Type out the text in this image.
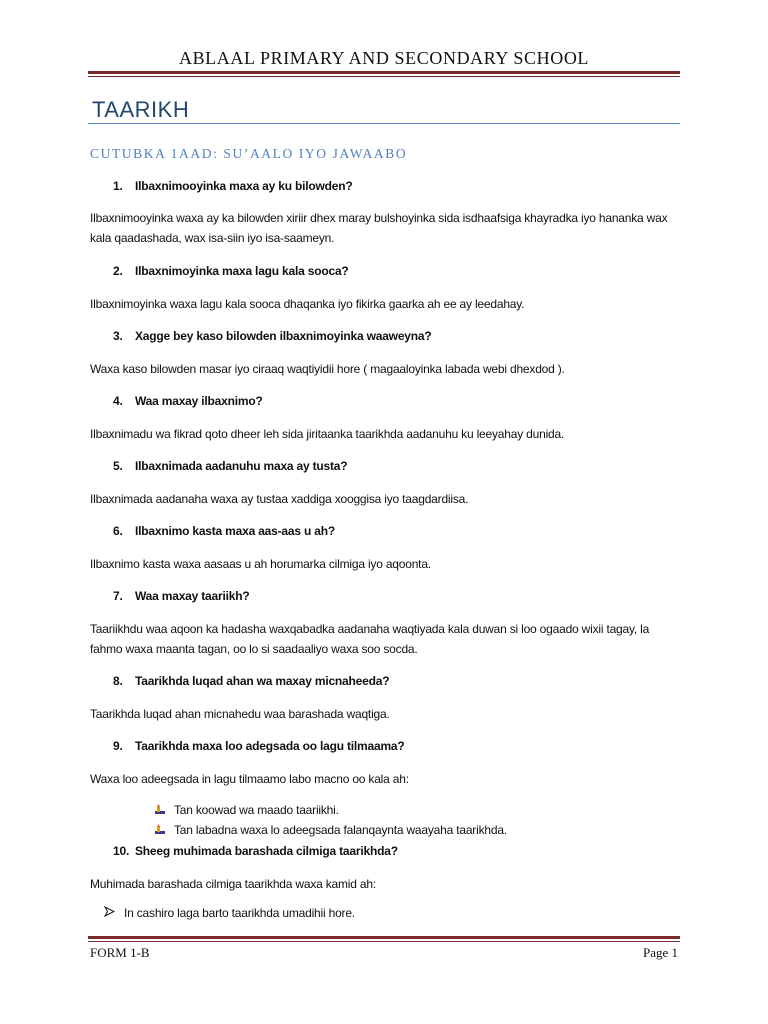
ABLAAL PRIMARY AND SECONDARY SCHOOL
TAARIKH
CUTUBKA 1AAD: SU’AALO IYO JAWAABO
1. Ilbaxnimooyinka maxa ay ku bilowden?
Ilbaxnimooyinka waxa ay ka bilowden xiriir dhex maray bulshoyinka sida isdhaafsiga khayradka iyo hananka wax kala qaadashada, wax isa-siin iyo isa-saameyn.
2. Ilbaxnimoyinka maxa lagu kala sooca?
Ilbaxnimoyinka waxa lagu kala sooca dhaqanka iyo fikirka gaarka ah ee ay leedahay.
3. Xagge bey kaso bilowden ilbaxnimoyinka waaweyna?
Waxa kaso bilowden masar iyo ciraaq waqtiyidii hore ( magaaloyinka labada webi dhexdod ).
4. Waa maxay ilbaxnimo?
Ilbaxnimadu wa fikrad qoto dheer leh sida jiritaanka taarikhda aadanuhu ku leeyahay dunida.
5. Ilbaxnimada aadanuhu maxa ay tusta?
Ilbaxnimada aadanaha waxa ay tustaa xaddiga xooggisa iyo taagdardiisa.
6. Ilbaxnimo kasta maxa aas-aas u ah?
Ilbaxnimo kasta waxa aasaas u ah horumarka cilmiga iyo aqoonta.
7. Waa maxay taariikh?
Taariikhdu waa aqoon ka hadasha waxqabadka aadanaha waqtiyada kala duwan si loo ogaado wixii tagay, la fahmo waxa maanta tagan, oo lo si saadaaliyo waxa soo socda.
8. Taarikhda luqad ahan wa maxay micnaheeda?
Taarikhda luqad ahan micnahedu waa barashada waqtiga.
9. Taarikhda maxa loo adegsada oo lagu tilmaama?
Waxa loo adeegsada in lagu tilmaamo labo macno oo kala ah:
Tan koowad wa maado taariikhi.
Tan labadna waxa lo adeegsada falanqaynta waayaha taarikhda.
10. Sheeg muhimada barashada cilmiga taarikhda?
Muhimada barashada cilmiga taarikhda waxa kamid ah:
In cashiro laga barto taarikhda umadihii hore.
FORM 1-B	Page 1
